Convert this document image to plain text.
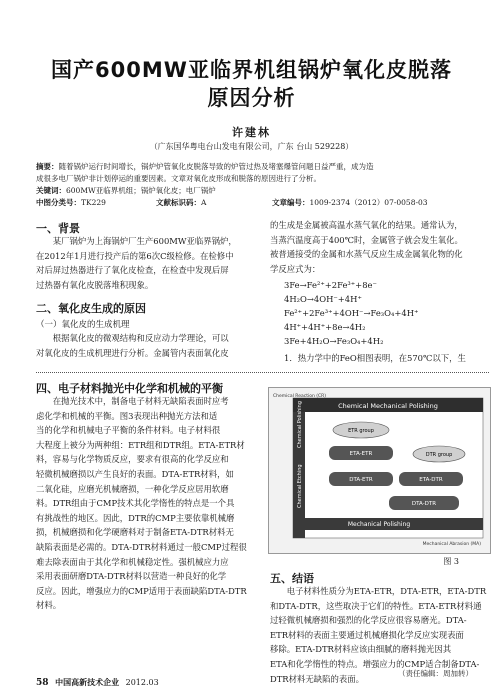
国产600MW亚临界机组锅炉氧化皮脱落
原因分析
许建林
（广东国华粤电台山发电有限公司，广东 台山 529228）
摘要：随着锅炉运行时间增长，锅炉炉管氧化皮脱落导致的炉管过热及堵塞爆管问题日益严重，成为造
成很多电厂锅炉非计划停运的重要因素。文章对氧化皮形成和脱落的原因进行了分析。
关键词：600MW亚临界机组；锅炉氧化皮；电厂锅炉
中图分类号：TK229	文献标识码：A	文章编号：1009-2374（2012）07-0058-03
一、背景

某厂锅炉为上海锅炉厂生产600MW亚临界锅炉，

在2012年1月进行投产后的第6次C级检修。在检修中

对后屏过热器进行了氧化皮检查，在检查中发现后屏

过热器有氧化皮脱落堆积现象。

二、氧化皮生成的原因
（一）氧化皮的生成机理

根据氧化皮的微观结构和反应动力学理论，可以

对氧化皮的生成机理进行分析。金属管内表面氧化皮

的生成是金属被高温水蒸气氧化的结果。通常认为，

当蒸汽温度高于400℃时，金属管子就会发生氧化。

被普通接受的金属和水蒸气反应生成金属氧化物的化

学反应式为：

3Fe→Fe²⁺+2Fe³⁺+8e⁻
4H₂O→4OH⁻+4H⁺
Fe²⁺+2Fe³⁺+4OH⁻→Fe₃O₄+4H⁺
4H⁺+4H⁺+8e→4H₂
3Fe+4H₂O→Fe₃O₄+4H₂
1．热力学中的FeO相图表明，在570℃以下，生
四、电子材料抛光中化学和机械的平衡

在抛光技术中，制备电子材料无缺陷表面时应考

虑化学和机械的平衡。图3表现出种抛光方法和适

当的化学和机械电子平衡的条件材料。电子材料很

大程度上被分为两种组：ETR组和DTR组。ETA-ETR材

料，容易与化学物质反应，要求有很高的化学反应和

轻微机械磨损以产生良好的表面。DTA-ETR材料，如

二氧化硅，应磨光机械磨损，一种化学反应居用软磨

料。DTR组由于CMP技术其化学惰性的特点是一个具

有挑战性的地区。因此，DTR的CMP主要依靠机械磨

损，机械磨损和化学硬磨料对于制备ETA-DTR材料无

缺陷表面是必需的。DTA-DTR材料通过一般CMP过程很

难去除表面由于其化学和机械稳定性。强机械应力应

采用表面研磨DTA-DTR材料以营造一种良好的化学

反应。因此，增强应力的CMP适用于表面缺陷DTA-DTR

材料。

Chemical Mechanical Polishing
Chemical Reaction (CR)
Chemical Etching
Chemical Polishing	ETR group
ETA-ETR
DTA-ETR	ETA-DTR
DTR group
DTA-DTR
Mechanical Polishing
Mechanical Abrasion (MA)
图 3
五、结语

电子材料性质分为ETA-ETR，DTA-ETR，ETA-DTR

和DTA-DTR，这些取决于它们的特性。ETA-ETR材料通

过轻微机械磨损和强烈的化学反应很容易磨光。DTA-

ETR材料的表面主要通过机械磨损化学反应实现表面

移除。ETA-DTR材料应该由细腻的磨料抛光因其

ETA和化学惰性的特点。增强应力的CMP适合制备DTA-

DTR材料无缺陷的表面。

（责任编辑：周加转）
58 中国高新技术企业 2012.03
